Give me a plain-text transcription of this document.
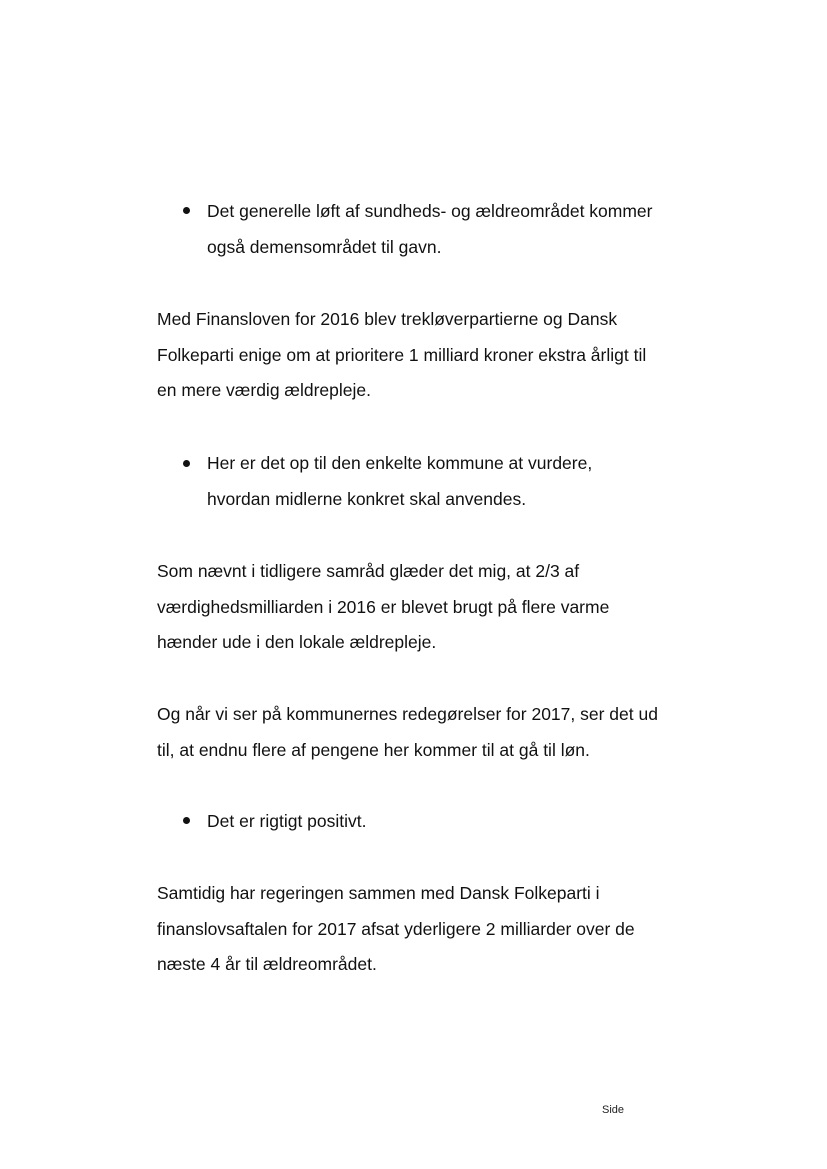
Det generelle løft af sundheds- og ældreområdet kommer
også demensområdet til gavn.
Med Finansloven for 2016 blev trekløverpartierne og Dansk
Folkeparti enige om at prioritere 1 milliard kroner ekstra årligt til
en mere værdig ældrepleje.
Her er det op til den enkelte kommune at vurdere,
hvordan midlerne konkret skal anvendes.
Som nævnt i tidligere samråd glæder det mig, at 2/3 af
værdighedsmilliarden i 2016 er blevet brugt på flere varme
hænder ude i den lokale ældrepleje.
Og når vi ser på kommunernes redegørelser for 2017, ser det ud
til, at endnu flere af pengene her kommer til at gå til løn.
Det er rigtigt positivt.
Samtidig har regeringen sammen med Dansk Folkeparti i
finanslovsaftalen for 2017 afsat yderligere 2 milliarder over de
næste 4 år til ældreområdet.
Side
